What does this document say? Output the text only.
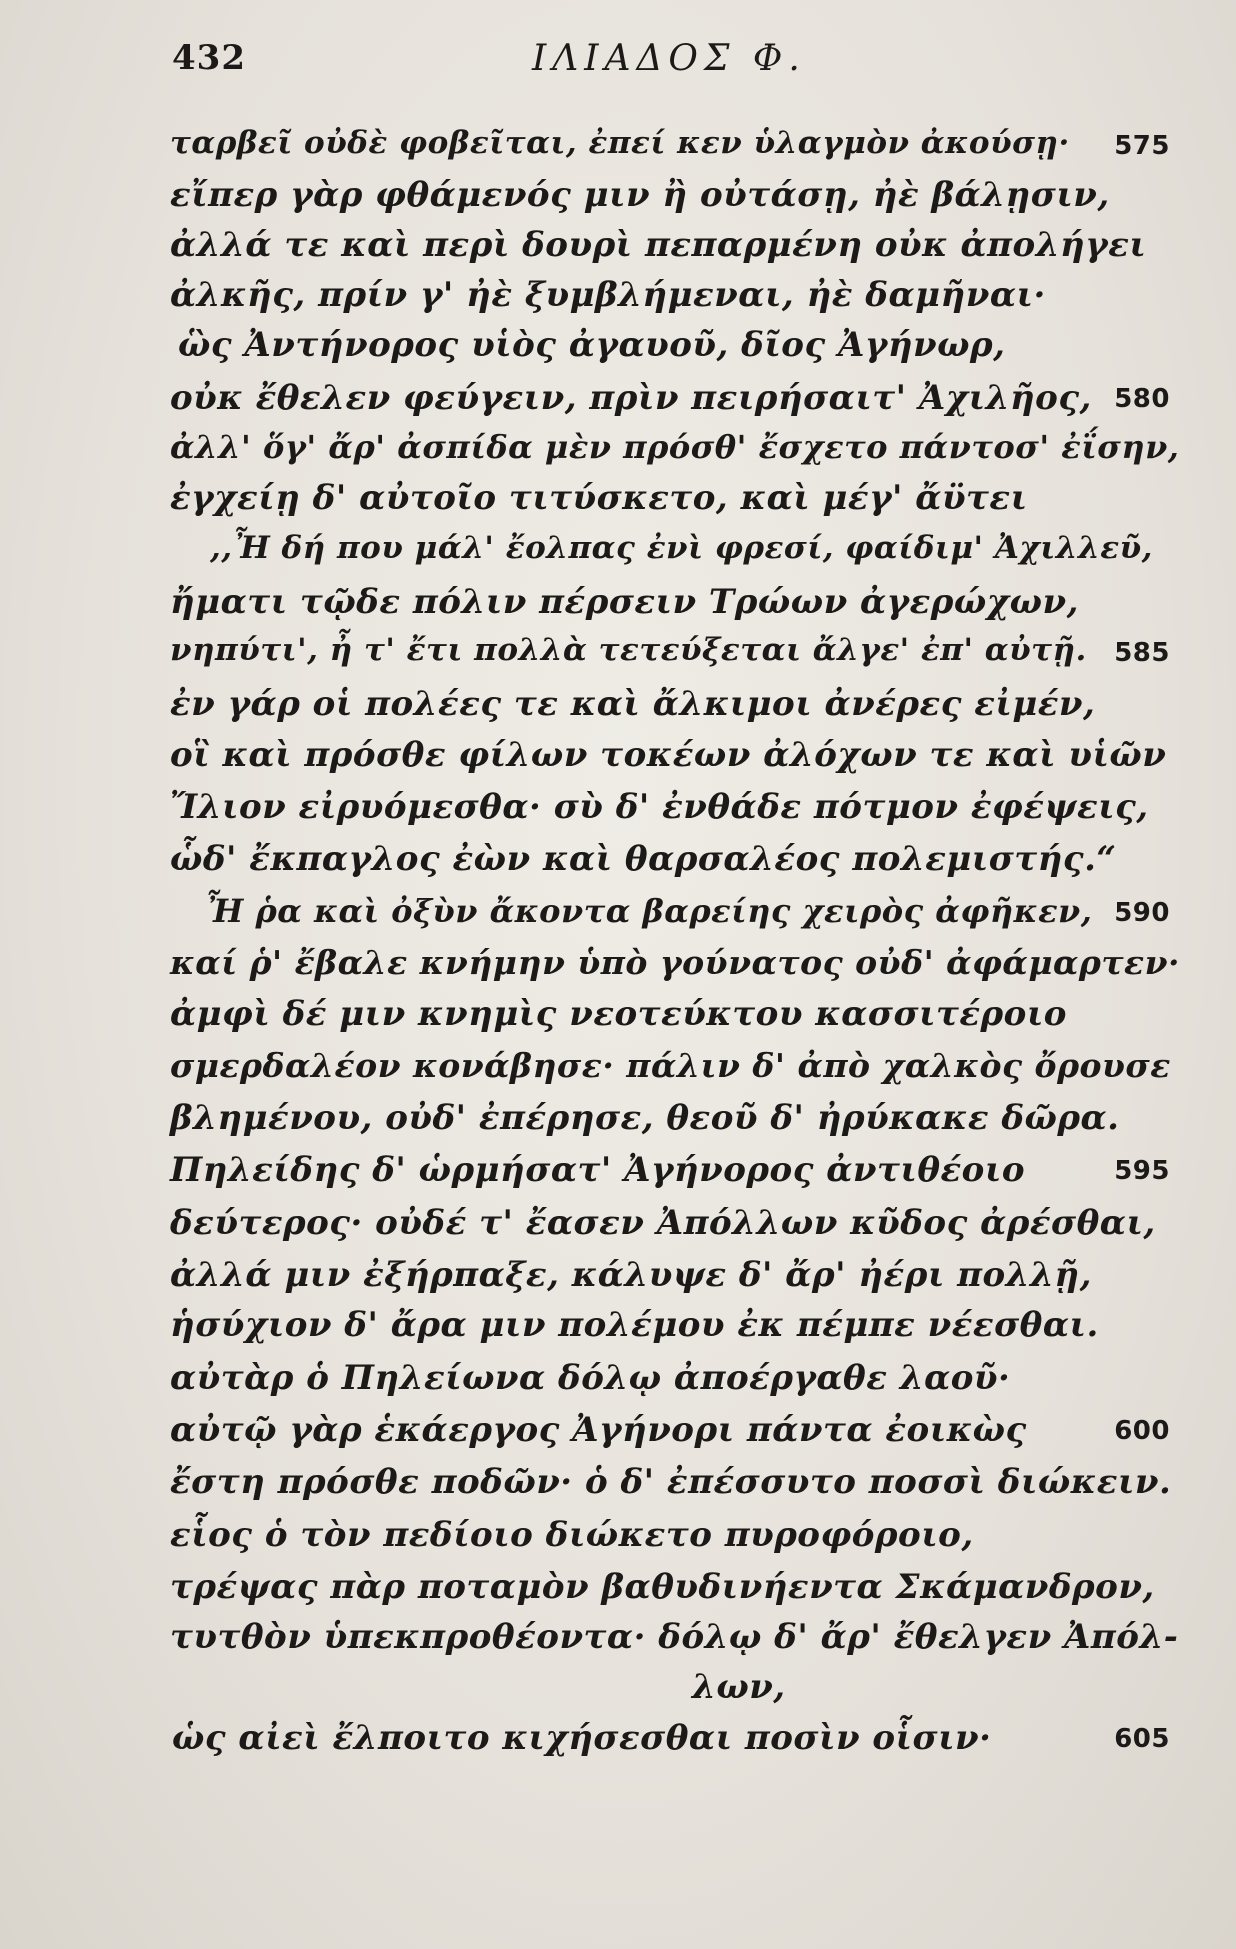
432	ΙΛΙΑΔΟΣ Φ.
ταρβεῖ οὐδὲ φοβεῖται, ἐπεί κεν ὑλαγμὸν ἀκούσῃ· 575
εἴπερ γὰρ φθάμενός μιν ἢ οὐτάσῃ, ἠὲ βάλῃσιν,
ἀλλά τε καὶ περὶ δουρὶ πεπαρμένη οὐκ ἀπολήγει
ἀλκῆς, πρίν γ' ἠὲ ξυμβλήμεναι, ἠὲ δαμῆναι·
ὣς Ἀντήνορος υἱὸς ἀγαυοῦ, δῖος Ἀγήνωρ,
οὐκ ἔθελεν φεύγειν, πρὶν πειρήσαιτ' Ἀχιλῆος, 580
ἀλλ' ὅγ' ἄρ' ἀσπίδα μὲν πρόσθ' ἔσχετο πάντοσ' ἐΐσην,
ἐγχείῃ δ' αὐτοῖο τιτύσκετο, καὶ μέγ' ἄϋτει
,,Ἦ δή που μάλ' ἔολπας ἐνὶ φρεσί, φαίδιμ' Ἀχιλλεῦ,
ἤματι τῷδε πόλιν πέρσειν Τρώων ἀγερώχων,
νηπύτι', ἦ τ' ἔτι πολλὰ τετεύξεται ἄλγε' ἐπ' αὐτῇ. 585
ἐν γάρ οἱ πολέες τε καὶ ἄλκιμοι ἀνέρες εἰμέν,
οἳ καὶ πρόσθε φίλων τοκέων ἀλόχων τε καὶ υἱῶν
Ἴλιον εἰρυόμεσθα· σὺ δ' ἐνθάδε πότμον ἐφέψεις,
ὧδ' ἔκπαγλος ἐὼν καὶ θαρσαλέος πολεμιστής.“
Ἦ ῥα καὶ ὀξὺν ἄκοντα βαρείης χειρὸς ἀφῆκεν, 590
καί ῥ' ἔβαλε κνήμην ὑπὸ γούνατος οὐδ' ἀφάμαρτεν·
ἀμφὶ δέ μιν κνημὶς νεοτεύκτου κασσιτέροιο
σμερδαλέον κονάβησε· πάλιν δ' ἀπὸ χαλκὸς ὄρουσε
βλημένου, οὐδ' ἐπέρησε, θεοῦ δ' ἠρύκακε δῶρα.
Πηλείδης δ' ὡρμήσατ' Ἀγήνορος ἀντιθέοιο	595
δεύτερος· οὐδέ τ' ἔασεν Ἀπόλλων κῦδος ἀρέσθαι,
ἀλλά μιν ἐξήρπαξε, κάλυψε δ' ἄρ' ἠέρι πολλῇ,
ἡσύχιον δ' ἄρα μιν πολέμου ἐκ πέμπε νέεσθαι.
αὐτὰρ ὁ Πηλείωνα δόλῳ ἀποέργαθε λαοῦ·
αὐτῷ γὰρ ἑκάεργος Ἀγήνορι πάντα ἐοικὼς	600
ἔστη πρόσθε ποδῶν· ὁ δ' ἐπέσσυτο ποσσὶ διώκειν.
εἷος ὁ τὸν πεδίοιο διώκετο πυροφόροιο,
τρέψας πὰρ ποταμὸν βαθυδινήεντα Σκάμανδρον,
τυτθὸν ὑπεκπροθέοντα· δόλῳ δ' ἄρ' ἔθελγεν Ἀπόλ-
λων,
ὡς αἰεὶ ἔλποιτο κιχήσεσθαι ποσὶν οἷσιν·	605
